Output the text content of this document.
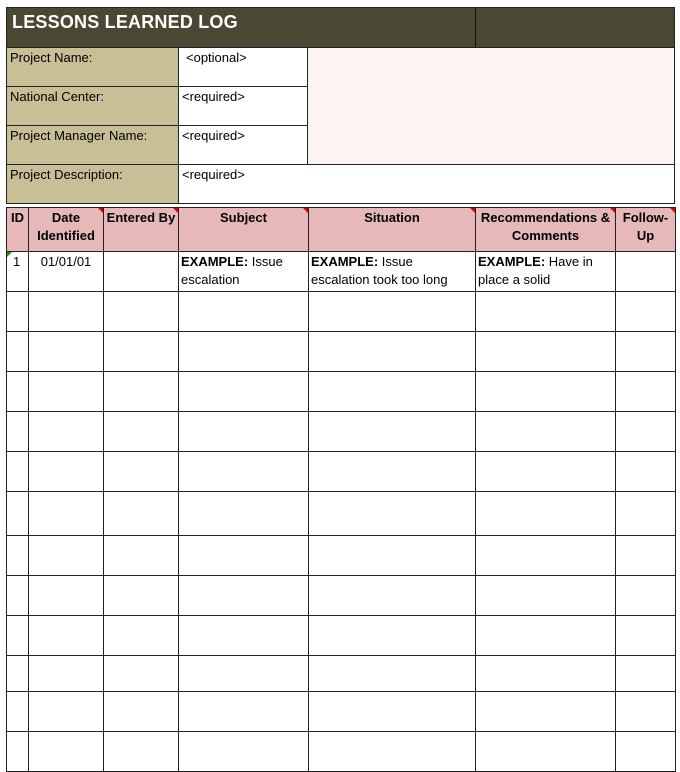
LESSONS LEARNED LOG
Project Name:	<optional>	
National Center:	<required>	
Project Manager Name:	<required>	
Project Description:	<required>	
ID	Date Identified	Entered By	Subject	Situation	Recommendations & Comments	Follow-Up

1	01/01/01		EXAMPLE: Issue escalation	EXAMPLE: Issue escalation took too long	EXAMPLE: Have in place a solid	
